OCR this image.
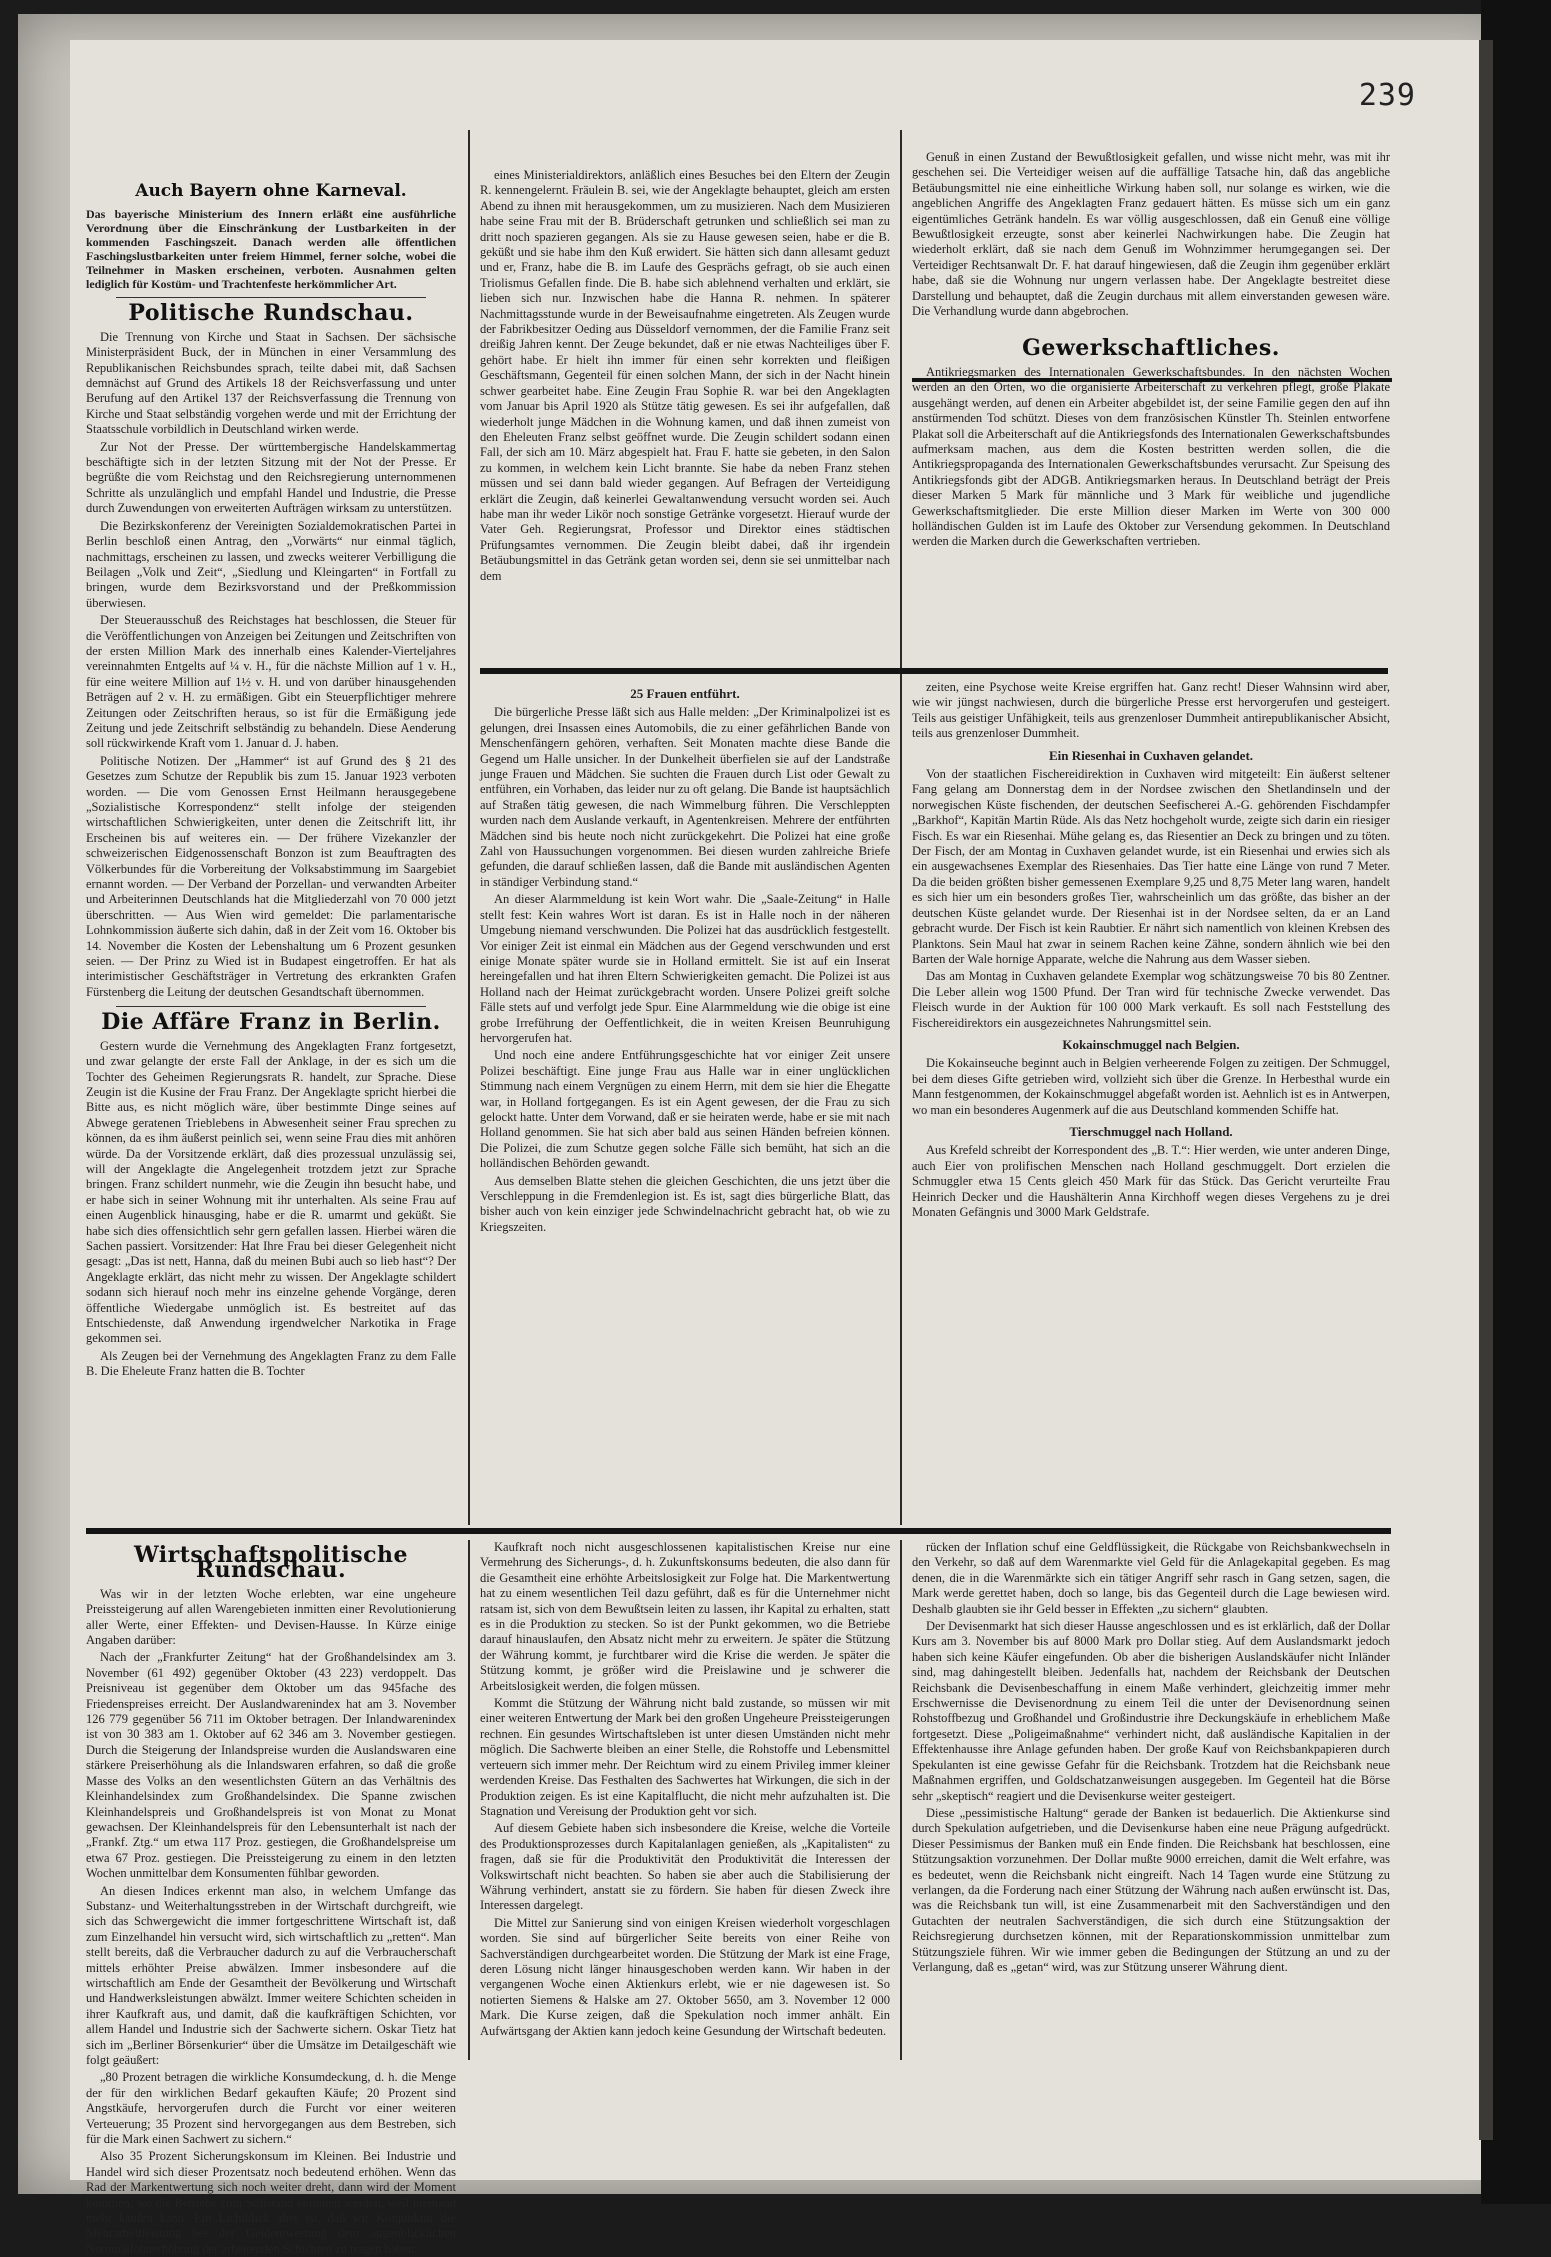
239
Auch Bayern ohne Karneval.
Das bayerische Ministerium des Innern erläßt eine ausführliche Verordnung über die Einschränkung der Lustbarkeiten in der kommenden Faschingszeit. Danach werden alle öffentlichen Faschingslustbarkeiten unter freiem Himmel, ferner solche, wobei die Teilnehmer in Masken erscheinen, verboten. Ausnahmen gelten lediglich für Kostüm- und Trachtenfeste herkömmlicher Art.
Politische Rundschau.

Die Trennung von Kirche und Staat in Sachsen. Der sächsische Ministerpräsident Buck, der in München in einer Versammlung des Republikanischen Reichsbundes sprach, teilte dabei mit, daß Sachsen demnächst auf Grund des Artikels 18 der Reichsverfassung und unter Berufung auf den Artikel 137 der Reichsverfassung die Trennung von Kirche und Staat selbständig vorgehen werde und mit der Errichtung der Staatsschule vorbildlich in Deutschland wirken werde.

Zur Not der Presse. Der württembergische Handelskammertag beschäftigte sich in der letzten Sitzung mit der Not der Presse. Er begrüßte die vom Reichstag und den Reichsregierung unternommenen Schritte als unzulänglich und empfahl Handel und Industrie, die Presse durch Zuwendungen von erweiterten Aufträgen wirksam zu unterstützen.

Die Bezirkskonferenz der Vereinigten Sozialdemokratischen Partei in Berlin beschloß einen Antrag, den „Vorwärts“ nur einmal täglich, nachmittags, erscheinen zu lassen, und zwecks weiterer Verbilligung die Beilagen „Volk und Zeit“, „Siedlung und Kleingarten“ in Fortfall zu bringen, wurde dem Bezirksvorstand und der Preßkommission überwiesen.

Der Steuerausschuß des Reichstages hat beschlossen, die Steuer für die Veröffentlichungen von Anzeigen bei Zeitungen und Zeitschriften von der ersten Million Mark des innerhalb eines Kalender-Vierteljahres vereinnahmten Entgelts auf ¼ v. H., für die nächste Million auf 1 v. H., für eine weitere Million auf 1½ v. H. und von darüber hinausgehenden Beträgen auf 2 v. H. zu ermäßigen. Gibt ein Steuerpflichtiger mehrere Zeitungen oder Zeitschriften heraus, so ist für die Ermäßigung jede Zeitung und jede Zeitschrift selbständig zu behandeln. Diese Aenderung soll rückwirkende Kraft vom 1. Januar d. J. haben.

Politische Notizen. Der „Hammer“ ist auf Grund des § 21 des Gesetzes zum Schutze der Republik bis zum 15. Januar 1923 verboten worden. — Die vom Genossen Ernst Heilmann herausgegebene „Sozialistische Korrespondenz“ stellt infolge der steigenden wirtschaftlichen Schwierigkeiten, unter denen die Zeitschrift litt, ihr Erscheinen bis auf weiteres ein. — Der frühere Vizekanzler der schweizerischen Eidgenossenschaft Bonzon ist zum Beauftragten des Völkerbundes für die Vorbereitung der Volksabstimmung im Saargebiet ernannt worden. — Der Verband der Porzellan- und verwandten Arbeiter und Arbeiterinnen Deutschlands hat die Mitgliederzahl von 70 000 jetzt überschritten. — Aus Wien wird gemeldet: Die parlamentarische Lohnkommission äußerte sich dahin, daß in der Zeit vom 16. Oktober bis 14. November die Kosten der Lebenshaltung um 6 Prozent gesunken seien. — Der Prinz zu Wied ist in Budapest eingetroffen. Er hat als interimistischer Geschäftsträger in Vertretung des erkrankten Grafen Fürstenberg die Leitung der deutschen Gesandtschaft übernommen.

Die Affäre Franz in Berlin.

Gestern wurde die Vernehmung des Angeklagten Franz fortgesetzt, und zwar gelangte der erste Fall der Anklage, in der es sich um die Tochter des Geheimen Regierungsrats R. handelt, zur Sprache. Diese Zeugin ist die Kusine der Frau Franz. Der Angeklagte spricht hierbei die Bitte aus, es nicht möglich wäre, über bestimmte Dinge seines auf Abwege geratenen Trieblebens in Abwesenheit seiner Frau sprechen zu können, da es ihm äußerst peinlich sei, wenn seine Frau dies mit anhören würde. Da der Vorsitzende erklärt, daß dies prozessual unzulässig sei, will der Angeklagte die Angelegenheit trotzdem jetzt zur Sprache bringen. Franz schildert nunmehr, wie die Zeugin ihn besucht habe, und er habe sich in seiner Wohnung mit ihr unterhalten. Als seine Frau auf einen Augenblick hinausging, habe er die R. umarmt und geküßt. Sie habe sich dies offensichtlich sehr gern gefallen lassen. Hierbei wären die Sachen passiert. Vorsitzender: Hat Ihre Frau bei dieser Gelegenheit nicht gesagt: „Das ist nett, Hanna, daß du meinen Bubi auch so lieb hast“? Der Angeklagte erklärt, das nicht mehr zu wissen. Der Angeklagte schildert sodann sich hierauf noch mehr ins einzelne gehende Vorgänge, deren öffentliche Wiedergabe unmöglich ist. Es bestreitet auf das Entschiedenste, daß Anwendung irgendwelcher Narkotika in Frage gekommen sei.

Als Zeugen bei der Vernehmung des Angeklagten Franz zu dem Falle B. Die Eheleute Franz hatten die B. Tochter

eines Ministerialdirektors, anläßlich eines Besuches bei den Eltern der Zeugin R. kennengelernt. Fräulein B. sei, wie der Angeklagte behauptet, gleich am ersten Abend zu ihnen mit herausgekommen, um zu musizieren. Nach dem Musizieren habe seine Frau mit der B. Brüderschaft getrunken und schließlich sei man zu dritt noch spazieren gegangen. Als sie zu Hause gewesen seien, habe er die B. geküßt und sie habe ihm den Kuß erwidert. Sie hätten sich dann allesamt geduzt und er, Franz, habe die B. im Laufe des Gesprächs gefragt, ob sie auch einen Triolismus Gefallen finde. Die B. habe sich ablehnend verhalten und erklärt, sie lieben sich nur. Inzwischen habe die Hanna R. nehmen. In späterer Nachmittagsstunde wurde in der Beweisaufnahme eingetreten. Als Zeugen wurde der Fabrikbesitzer Oeding aus Düsseldorf vernommen, der die Familie Franz seit dreißig Jahren kennt. Der Zeuge bekundet, daß er nie etwas Nachteiliges über F. gehört habe. Er hielt ihn immer für einen sehr korrekten und fleißigen Geschäftsmann, Gegenteil für einen solchen Mann, der sich in der Nacht hinein schwer gearbeitet habe. Eine Zeugin Frau Sophie R. war bei den Angeklagten vom Januar bis April 1920 als Stütze tätig gewesen. Es sei ihr aufgefallen, daß wiederholt junge Mädchen in die Wohnung kamen, und daß ihnen zumeist von den Eheleuten Franz selbst geöffnet wurde. Die Zeugin schildert sodann einen Fall, der sich am 10. März abgespielt hat. Frau F. hatte sie gebeten, in den Salon zu kommen, in welchem kein Licht brannte. Sie habe da neben Franz stehen müssen und sei dann bald wieder gegangen. Auf Befragen der Verteidigung erklärt die Zeugin, daß keinerlei Gewaltanwendung versucht worden sei. Auch habe man ihr weder Likör noch sonstige Getränke vorgesetzt. Hierauf wurde der Vater Geh. Regierungsrat, Professor und Direktor eines städtischen Prüfungsamtes vernommen. Die Zeugin bleibt dabei, daß ihr irgendein Betäubungsmittel in das Getränk getan worden sei, denn sie sei unmittelbar nach dem

25 Frauen entführt.

Die bürgerliche Presse läßt sich aus Halle melden: „Der Kriminalpolizei ist es gelungen, drei Insassen eines Automobils, die zu einer gefährlichen Bande von Menschenfängern gehören, verhaften. Seit Monaten machte diese Bande die Gegend um Halle unsicher. In der Dunkelheit überfielen sie auf der Landstraße junge Frauen und Mädchen. Sie suchten die Frauen durch List oder Gewalt zu entführen, ein Vorhaben, das leider nur zu oft gelang. Die Bande ist hauptsächlich auf Straßen tätig gewesen, die nach Wimmelburg führen. Die Verschleppten wurden nach dem Auslande verkauft, in Agentenkreisen. Mehrere der entführten Mädchen sind bis heute noch nicht zurückgekehrt. Die Polizei hat eine große Zahl von Haussuchungen vorgenommen. Bei diesen wurden zahlreiche Briefe gefunden, die darauf schließen lassen, daß die Bande mit ausländischen Agenten in ständiger Verbindung stand.“

An dieser Alarmmeldung ist kein Wort wahr. Die „Saale-Zeitung“ in Halle stellt fest: Kein wahres Wort ist daran. Es ist in Halle noch in der näheren Umgebung niemand verschwunden. Die Polizei hat das ausdrücklich festgestellt. Vor einiger Zeit ist einmal ein Mädchen aus der Gegend verschwunden und erst einige Monate später wurde sie in Holland ermittelt. Sie ist auf ein Inserat hereingefallen und hat ihren Eltern Schwierigkeiten gemacht. Die Polizei ist aus Holland nach der Heimat zurückgebracht worden. Unsere Polizei greift solche Fälle stets auf und verfolgt jede Spur. Eine Alarmmeldung wie die obige ist eine grobe Irreführung der Oeffentlichkeit, die in weiten Kreisen Beunruhigung hervorgerufen hat.

Und noch eine andere Entführungsgeschichte hat vor einiger Zeit unsere Polizei beschäftigt. Eine junge Frau aus Halle war in einer unglücklichen Stimmung nach einem Vergnügen zu einem Herrn, mit dem sie hier die Ehegatte war, in Holland fortgegangen. Es ist ein Agent gewesen, der die Frau zu sich gelockt hatte. Unter dem Vorwand, daß er sie heiraten werde, habe er sie mit nach Holland genommen. Sie hat sich aber bald aus seinen Händen befreien können. Die Polizei, die zum Schutze gegen solche Fälle sich bemüht, hat sich an die holländischen Behörden gewandt.

Aus demselben Blatte stehen die gleichen Geschichten, die uns jetzt über die Verschleppung in die Fremdenlegion ist. Es ist, sagt dies bürgerliche Blatt, das bisher auch von kein einziger jede Schwindelnachricht gebracht hat, ob wie zu Kriegszeiten.

Genuß in einen Zustand der Bewußtlosigkeit gefallen, und wisse nicht mehr, was mit ihr geschehen sei. Die Verteidiger weisen auf die auffällige Tatsache hin, daß das angebliche Betäubungsmittel nie eine einheitliche Wirkung haben soll, nur solange es wirken, wie die angeblichen Angriffe des Angeklagten Franz gedauert hätten. Es müsse sich um ein ganz eigentümliches Getränk handeln. Es war völlig ausgeschlossen, daß ein Genuß eine völlige Bewußtlosigkeit erzeugte, sonst aber keinerlei Nachwirkungen habe. Die Zeugin hat wiederholt erklärt, daß sie nach dem Genuß im Wohnzimmer herumgegangen sei. Der Verteidiger Rechtsanwalt Dr. F. hat darauf hingewiesen, daß die Zeugin ihm gegenüber erklärt habe, daß sie die Wohnung nur ungern verlassen habe. Der Angeklagte bestreitet diese Darstellung und behauptet, daß die Zeugin durchaus mit allem einverstanden gewesen wäre. Die Verhandlung wurde dann abgebrochen.

Gewerkschaftliches.

Antikriegsmarken des Internationalen Gewerkschaftsbundes. In den nächsten Wochen werden an den Orten, wo die organisierte Arbeiterschaft zu verkehren pflegt, große Plakate ausgehängt werden, auf denen ein Arbeiter abgebildet ist, der seine Familie gegen den auf ihn anstürmenden Tod schützt. Dieses von dem französischen Künstler Th. Steinlen entworfene Plakat soll die Arbeiterschaft auf die Antikriegsfonds des Internationalen Gewerkschaftsbundes aufmerksam machen, aus dem die Kosten bestritten werden sollen, die die Antikriegspropaganda des Internationalen Gewerkschaftsbundes verursacht. Zur Speisung des Antikriegsfonds gibt der ADGB. Antikriegsmarken heraus. In Deutschland beträgt der Preis dieser Marken 5 Mark für männliche und 3 Mark für weibliche und jugendliche Gewerkschaftsmitglieder. Die erste Million dieser Marken im Werte von 300 000 holländischen Gulden ist im Laufe des Oktober zur Versendung gekommen. In Deutschland werden die Marken durch die Gewerkschaften vertrieben.

zeiten, eine Psychose weite Kreise ergriffen hat. Ganz recht! Dieser Wahnsinn wird aber, wie wir jüngst nachwiesen, durch die bürgerliche Presse erst hervorgerufen und gesteigert. Teils aus geistiger Unfähigkeit, teils aus grenzenloser Dummheit antirepublikanischer Absicht, teils aus grenzenloser Dummheit.

Ein Riesenhai in Cuxhaven gelandet.

Von der staatlichen Fischereidirektion in Cuxhaven wird mitgeteilt: Ein äußerst seltener Fang gelang am Donnerstag dem in der Nordsee zwischen den Shetlandinseln und der norwegischen Küste fischenden, der deutschen Seefischerei A.-G. gehörenden Fischdampfer „Barkhof“, Kapitän Martin Rüde. Als das Netz hochgeholt wurde, zeigte sich darin ein riesiger Fisch. Es war ein Riesenhai. Mühe gelang es, das Riesentier an Deck zu bringen und zu töten. Der Fisch, der am Montag in Cuxhaven gelandet wurde, ist ein Riesenhai und erwies sich als ein ausgewachsenes Exemplar des Riesenhaies. Das Tier hatte eine Länge von rund 7 Meter. Da die beiden größten bisher gemessenen Exemplare 9,25 und 8,75 Meter lang waren, handelt es sich hier um ein besonders großes Tier, wahrscheinlich um das größte, das bisher an der deutschen Küste gelandet wurde. Der Riesenhai ist in der Nordsee selten, da er an Land gebracht wurde. Der Fisch ist kein Raubtier. Er nährt sich namentlich von kleinen Krebsen des Planktons. Sein Maul hat zwar in seinem Rachen keine Zähne, sondern ähnlich wie bei den Barten der Wale hornige Apparate, welche die Nahrung aus dem Wasser sieben.

Das am Montag in Cuxhaven gelandete Exemplar wog schätzungsweise 70 bis 80 Zentner. Die Leber allein wog 1500 Pfund. Der Tran wird für technische Zwecke verwendet. Das Fleisch wurde in der Auktion für 100 000 Mark verkauft. Es soll nach Feststellung des Fischereidirektors ein ausgezeichnetes Nahrungsmittel sein.

Kokainschmuggel nach Belgien.

Die Kokainseuche beginnt auch in Belgien verheerende Folgen zu zeitigen. Der Schmuggel, bei dem dieses Gifte getrieben wird, vollzieht sich über die Grenze. In Herbesthal wurde ein Mann festgenommen, der Kokainschmuggel abgefaßt worden ist. Aehnlich ist es in Antwerpen, wo man ein besonderes Augenmerk auf die aus Deutschland kommenden Schiffe hat.

Tierschmuggel nach Holland.

Aus Krefeld schreibt der Korrespondent des „B. T.“: Hier werden, wie unter anderen Dinge, auch Eier von prolifischen Menschen nach Holland geschmuggelt. Dort erzielen die Schmuggler etwa 15 Cents gleich 450 Mark für das Stück. Das Gericht verurteilte Frau Heinrich Decker und die Haushälterin Anna Kirchhoff wegen dieses Vergehens zu je drei Monaten Gefängnis und 3000 Mark Geldstrafe.

Wirtschaftspolitische Rundschau.

Was wir in der letzten Woche erlebten, war eine ungeheure Preissteigerung auf allen Warengebieten inmitten einer Revolutionierung aller Werte, einer Effekten- und Devisen-Hausse. In Kürze einige Angaben darüber:

Nach der „Frankfurter Zeitung“ hat der Großhandelsindex am 3. November (61 492) gegenüber Oktober (43 223) verdoppelt. Das Preisniveau ist gegenüber dem Oktober um das 945fache des Friedenspreises erreicht. Der Auslandwarenindex hat am 3. November 126 779 gegenüber 56 711 im Oktober betragen. Der Inlandwarenindex ist von 30 383 am 1. Oktober auf 62 346 am 3. November gestiegen. Durch die Steigerung der Inlandspreise wurden die Auslandswaren eine stärkere Preiserhöhung als die Inlandswaren erfahren, so daß die große Masse des Volks an den wesentlichsten Gütern an das Verhältnis des Kleinhandelsindex zum Großhandelsindex. Die Spanne zwischen Kleinhandelspreis und Großhandelspreis ist von Monat zu Monat gewachsen. Der Kleinhandelspreis für den Lebensunterhalt ist nach der „Frankf. Ztg.“ um etwa 117 Proz. gestiegen, die Großhandelspreise um etwa 67 Proz. gestiegen. Die Preissteigerung zu einem in den letzten Wochen unmittelbar dem Konsumenten fühlbar geworden.

An diesen Indices erkennt man also, in welchem Umfange das Substanz- und Weiterhaltungsstreben in der Wirtschaft durchgreift, wie sich das Schwergewicht die immer fortgeschrittene Wirtschaft ist, daß zum Einzelhandel hin versucht wird, sich wirtschaftlich zu „retten“. Man stellt bereits, daß die Verbraucher dadurch zu auf die Verbraucherschaft mittels erhöhter Preise abwälzen. Immer insbesondere auf die wirtschaftlich am Ende der Gesamtheit der Bevölkerung und Wirtschaft und Handwerksleistungen abwälzt. Immer weitere Schichten scheiden in ihrer Kaufkraft aus, und damit, daß die kaufkräftigen Schichten, vor allem Handel und Industrie sich der Sachwerte sichern. Oskar Tietz hat sich im „Berliner Börsenkurier“ über die Umsätze im Detailgeschäft wie folgt geäußert:

„80 Prozent betragen die wirkliche Konsumdeckung, d. h. die Menge der für den wirklichen Bedarf gekauften Käufe; 20 Prozent sind Angstkäufe, hervorgerufen durch die Furcht vor einer weiteren Verteuerung; 35 Prozent sind hervorgegangen aus dem Bestreben, sich für die Mark einen Sachwert zu sichern.“

Also 35 Prozent Sicherungskonsum im Kleinen. Bei Industrie und Handel wird sich dieser Prozentsatz noch bedeutend erhöhen. Wenn das Rad der Markentwertung sich noch weiter dreht, dann wird der Moment kommen, wo die Betriebe zum Stillstand kommen werden, weil niemand mehr kaufen kann. Ein Lichtblick aber ist, daß wir Konjunktur die Mehrarbeitleistung bei der Geldentwertung dem augenblicklichen Nominallohnerhöhung der arbeitenden Schichten zu tragen haben.

Kaufkraft noch nicht ausgeschlossenen kapitalistischen Kreise nur eine Vermehrung des Sicherungs-, d. h. Zukunftskonsums bedeuten, die also dann für die Gesamtheit eine erhöhte Arbeitslosigkeit zur Folge hat. Die Markentwertung hat zu einem wesentlichen Teil dazu geführt, daß es für die Unternehmer nicht ratsam ist, sich von dem Bewußtsein leiten zu lassen, ihr Kapital zu erhalten, statt es in die Produktion zu stecken. So ist der Punkt gekommen, wo die Betriebe darauf hinauslaufen, den Absatz nicht mehr zu erweitern. Je später die Stützung der Währung kommt, je furchtbarer wird die Krise die werden. Je später die Stützung kommt, je größer wird die Preislawine und je schwerer die Arbeitslosigkeit werden, die folgen müssen.

Kommt die Stützung der Währung nicht bald zustande, so müssen wir mit einer weiteren Entwertung der Mark bei den großen Ungeheure Preissteigerungen rechnen. Ein gesundes Wirtschaftsleben ist unter diesen Umständen nicht mehr möglich. Die Sachwerte bleiben an einer Stelle, die Rohstoffe und Lebensmittel verteuern sich immer mehr. Der Reichtum wird zu einem Privileg immer kleiner werdenden Kreise. Das Festhalten des Sachwertes hat Wirkungen, die sich in der Produktion zeigen. Es ist eine Kapitalflucht, die nicht mehr aufzuhalten ist. Die Stagnation und Vereisung der Produktion geht vor sich.

Auf diesem Gebiete haben sich insbesondere die Kreise, welche die Vorteile des Produktionsprozesses durch Kapitalanlagen genießen, als „Kapitalisten“ zu fragen, daß sie für die Produktivität den Produktivität die Interessen der Volkswirtschaft nicht beachten. So haben sie aber auch die Stabilisierung der Währung verhindert, anstatt sie zu fördern. Sie haben für diesen Zweck ihre Interessen dargelegt.

Die Mittel zur Sanierung sind von einigen Kreisen wiederholt vorgeschlagen worden. Sie sind auf bürgerlicher Seite bereits von einer Reihe von Sachverständigen durchgearbeitet worden. Die Stützung der Mark ist eine Frage, deren Lösung nicht länger hinausgeschoben werden kann. Wir haben in der vergangenen Woche einen Aktienkurs erlebt, wie er nie dagewesen ist. So notierten Siemens & Halske am 27. Oktober 5650, am 3. November 12 000 Mark. Die Kurse zeigen, daß die Spekulation noch immer anhält. Ein Aufwärtsgang der Aktien kann jedoch keine Gesundung der Wirtschaft bedeuten.

rücken der Inflation schuf eine Geldflüssigkeit, die Rückgabe von Reichsbankwechseln in den Verkehr, so daß auf dem Warenmarkte viel Geld für die Anlagekapital gegeben. Es mag denen, die in die Warenmärkte sich ein tätiger Angriff sehr rasch in Gang setzen, sagen, die Mark werde gerettet haben, doch so lange, bis das Gegenteil durch die Lage bewiesen wird. Deshalb glaubten sie ihr Geld besser in Effekten „zu sichern“ glaubten.

Der Devisenmarkt hat sich dieser Hausse angeschlossen und es ist erklärlich, daß der Dollar Kurs am 3. November bis auf 8000 Mark pro Dollar stieg. Auf dem Auslandsmarkt jedoch haben sich keine Käufer eingefunden. Ob aber die bisherigen Auslandskäufer nicht Inländer sind, mag dahingestellt bleiben. Jedenfalls hat, nachdem der Reichsbank der Deutschen Reichsbank die Devisenbeschaffung in einem Maße verhindert, gleichzeitig immer mehr Erschwernisse die Devisenordnung zu einem Teil die unter der Devisenordnung seinen Rohstoffbezug und Großhandel und Großindustrie ihre Deckungskäufe in erheblichem Maße fortgesetzt. Diese „Poligeimaßnahme“ verhindert nicht, daß ausländische Kapitalien in der Effektenhausse ihre Anlage gefunden haben. Der große Kauf von Reichsbankpapieren durch Spekulanten ist eine gewisse Gefahr für die Reichsbank. Trotzdem hat die Reichsbank neue Maßnahmen ergriffen, und Goldschatzanweisungen ausgegeben. Im Gegenteil hat die Börse sehr „skeptisch“ reagiert und die Devisenkurse weiter gesteigert.

Diese „pessimistische Haltung“ gerade der Banken ist bedauerlich. Die Aktienkurse sind durch Spekulation aufgetrieben, und die Devisenkurse haben eine neue Prägung aufgedrückt. Dieser Pessimismus der Banken muß ein Ende finden. Die Reichsbank hat beschlossen, eine Stützungsaktion vorzunehmen. Der Dollar mußte 9000 erreichen, damit die Welt erfahre, was es bedeutet, wenn die Reichsbank nicht eingreift. Nach 14 Tagen wurde eine Stützung zu verlangen, da die Forderung nach einer Stützung der Währung nach außen erwünscht ist. Das, was die Reichsbank tun will, ist eine Zusammenarbeit mit den Sachverständigen und den Gutachten der neutralen Sachverständigen, die sich durch eine Stützungsaktion der Reichsregierung durchsetzen können, mit der Reparationskommission unmittelbar zum Stützungsziele führen. Wir wie immer geben die Bedingungen der Stützung an und zu der Verlangung, daß es „getan“ wird, was zur Stützung unserer Währung dient.
